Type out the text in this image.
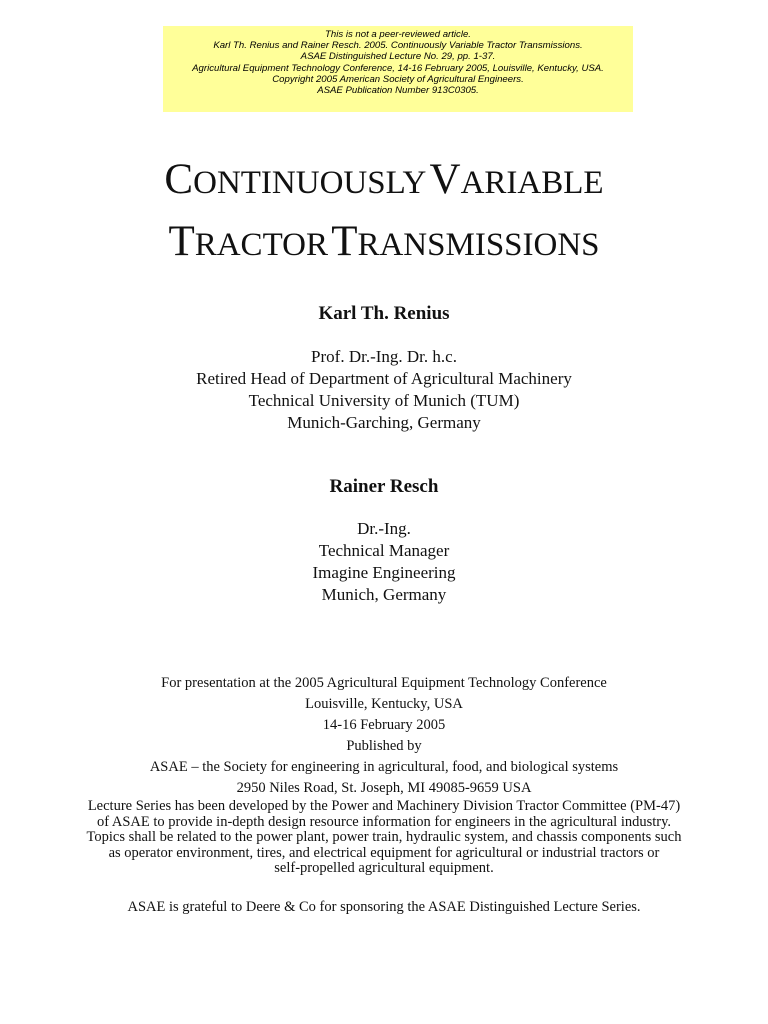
This is not a peer-reviewed article.
Karl Th. Renius and Rainer Resch. 2005. Continuously Variable Tractor Transmissions.
ASAE Distinguished Lecture No. 29, pp. 1-37.
Agricultural Equipment Technology Conference, 14-16 February 2005, Louisville, Kentucky, USA.
Copyright 2005 American Society of Agricultural Engineers.
ASAE Publication Number 913C0305.
CONTINUOUSLY VARIABLE
TRACTOR TRANSMISSIONS
Karl Th. Renius
Prof. Dr.-Ing. Dr. h.c.
Retired Head of Department of Agricultural Machinery
Technical University of Munich (TUM)
Munich-Garching, Germany
Rainer Resch
Dr.-Ing.
Technical Manager
Imagine Engineering
Munich, Germany
For presentation at the 2005 Agricultural Equipment Technology Conference
Louisville, Kentucky, USA
14-16 February 2005
Published by
ASAE – the Society for engineering in agricultural, food, and biological systems
2950 Niles Road, St. Joseph, MI 49085-9659 USA
Lecture Series has been developed by the Power and Machinery Division Tractor Committee (PM-47)
of ASAE to provide in-depth design resource information for engineers in the agricultural industry.
Topics shall be related to the power plant, power train, hydraulic system, and chassis components such
as operator environment, tires, and electrical equipment for agricultural or industrial tractors or
self-propelled agricultural equipment.
ASAE is grateful to Deere & Co for sponsoring the ASAE Distinguished Lecture Series.
